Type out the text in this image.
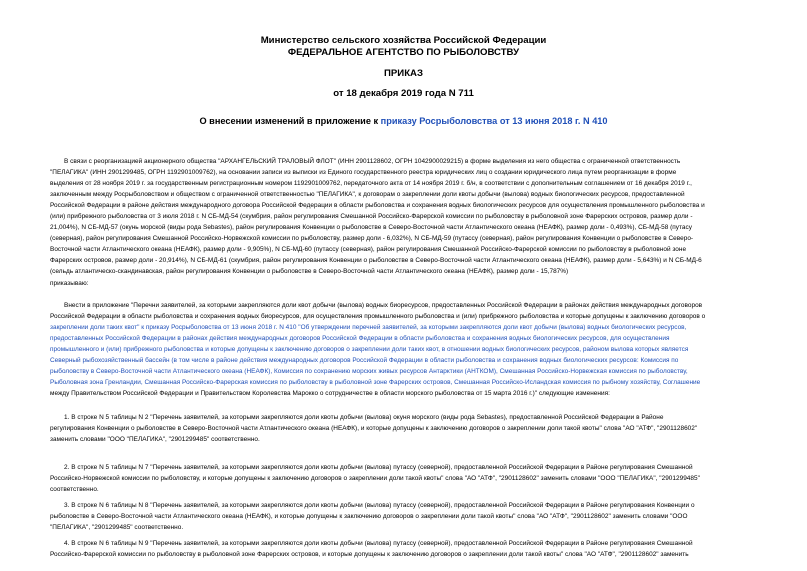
Министерство сельского хозяйства Российской Федерации
ФЕДЕРАЛЬНОЕ АГЕНТСТВО ПО РЫБОЛОВСТВУ
ПРИКАЗ
от 18 декабря 2019 года N 711
О внесении изменений в приложение к приказу Росрыболовства от 13 июня 2018 г. N 410
В связи с реорганизацией акционерного общества "АРХАНГЕЛЬСКИЙ ТРАЛОВЫЙ ФЛОТ" (ИНН 2901128602, ОГРН 1042900029215) в форме выделения из него общества с ограниченной ответственность
"ПЕЛАГИКА" (ИНН 2901299485, ОГРН 1192901009762), на основании записи из выписки из Единого государственного реестра юридических лиц о создании юридического лица путем реорганизации в форме
выделения от 28 ноября 2019 г. за государственным регистрационным номером 1192901009762, передаточного акта от 14 ноября 2019 г. б/н, в соответствии с дополнительным соглашением от 16 декабря 2019 г.,
заключенным между Росрыболовством и обществом с ограниченной ответственностью "ПЕЛАГИКА", к договорам о закреплении доли квоты добычи (вылова) водных биологических ресурсов, предоставленной
Российской Федерации в районе действия международного договора Российской Федерации в области рыболовства и сохранения водных биологических ресурсов для осуществления промышленного рыболовства и
(или) прибрежного рыболовства от 3 июля 2018 г. N СБ-МД-54 (скумбрия, район регулирования Смешанной Российско-Фарерской комиссии по рыболовству в рыболовной зоне Фарерских островов, размер доли -
21,004%), N СБ-МД-57 (окунь морской (виды рода Sebastes), район регулирования Конвенции о рыболовстве в Северо-Восточной части Атлантического океана (НЕАФК), размер доли - 0,493%), СБ-МД-58 (путасу
(северная), район регулирования Смешанной Российско-Норвежской комиссии по рыболовству, размер доли - 6,032%), N СБ-МД-59 (путассу (северная), район регулирования Конвенции о рыболовстве в Северо-
Восточной части Атлантического океана (НЕАФК), размер доли - 9,905%), N СБ-МД-60 (путассу (северная), район регулирования Смешанной Российско-Фарерской комиссии по рыболовству в рыболовной зоне
Фарерских островов, размер доли - 20,914%), N СБ-МД-61 (скумбрия, район регулирования Конвенции о рыболовстве в Северо-Восточной части Атлантического океана (НЕАФК), размер доли - 5,643%) и N СБ-МД-6
(сельдь атлантическо-скандинавская, район регулирования Конвенции о рыболовстве в Северо-Восточной части Атлантического океана (НЕАФК), размер доли - 15,787%)
приказываю:
Внести в приложение "Перечни заявителей, за которыми закрепляются доли квот добычи (вылова) водных биоресурсов, предоставленных Российской Федерации в районах действия международных договоров
Российской Федерации в области рыболовства и сохранения водных биоресурсов, для осуществления промышленного рыболовства и (или) прибрежного рыболовства и которые допущены к заключению договоров о
закреплении доли таких квот" к приказу Росрыболовства от 13 июня 2018 г. N 410 "Об утверждении перечней заявителей, за которыми закрепляются доли квот добычи (вылова) водных биологических ресурсов,
предоставленных Российской Федерации в районах действия международных договоров Российской Федерации в области рыболовства и сохранения водных биологических ресурсов, для осуществления
промышленного и (или) прибрежного рыболовства и которые допущены к заключению договоров о закреплении доли таких квот, в отношении водных биологических ресурсов, районом вылова которых является
Северный рыбохозяйственный бассейн (в том числе в районе действия международных договоров Российской Федерации в области рыболовства и сохранения водных биологических ресурсов: Комиссия по
рыболовству в Северо-Восточной части Атлантического океана (НЕАФК), Комиссия по сохранению морских живых ресурсов Антарктики (АНТКОМ), Смешанная Российско-Норвежская комиссия по рыболовству,
Рыболовная зона Гренландии, Смешанная Российско-Фарерская комиссия по рыболовству в рыболовной зоне Фарерских островов, Смешанная Российско-Исландская комиссия по рыбному хозяйству, Соглашение
между Правительством Российской Федерации и Правительством Королевства Марокко о сотрудничестве в области морского рыболовства от 15 марта 2016 г.)" следующие изменения:
1. В строке N 5 таблицы N 2 "Перечень заявителей, за которыми закрепляются доли квоты добычи (вылова) окуня морского (виды рода Sebastes), предоставленной Российской Федерации в Районе
регулирования Конвенции о рыболовстве в Северо-Восточной части Атлантического океана (НЕАФК), и которые допущены к заключению договоров о закреплении доли такой квоты" слова "АО "АТФ", "2901128602"
заменить словами "ООО "ПЕЛАГИКА", "2901299485" соответственно.
2. В строке N 5 таблицы N 7 "Перечень заявителей, за которыми закрепляются доли квоты добычи (вылова) путассу (северной), предоставленной Российской Федерации в Районе регулирования Смешанной
Российско-Норвежской комиссии по рыболовству, и которые допущены к заключению договоров о закреплении доли такой квоты" слова "АО "АТФ", "2901128602" заменить словами "ООО "ПЕЛАГИКА", "2901299485"
соответственно.
3. В строке N 6 таблицы N 8 "Перечень заявителей, за которыми закрепляются доли квоты добычи (вылова) путассу (северной), предоставленной Российской Федерации в Районе регулирования Конвенции о
рыболовстве в Северо-Восточной части Атлантического океана (НЕАФК), и которые допущены к заключению договоров о закреплении доли такой квоты" слова "АО "АТФ", "2901128602" заменить словами "ООО
"ПЕЛАГИКА", "2901299485" соответственно.
4. В строке N 6 таблицы N 9 "Перечень заявителей, за которыми закрепляются доли квоты добычи (вылова) путассу (северной), предоставленной Российской Федерации в Районе регулирования Смешанной
Российско-Фарерской комиссии по рыболовству в рыболовной зоне Фарерских островов, и которые допущены к заключению договоров о закреплении доли такой квоты" слова "АО "АТФ", "2901128602" заменить
